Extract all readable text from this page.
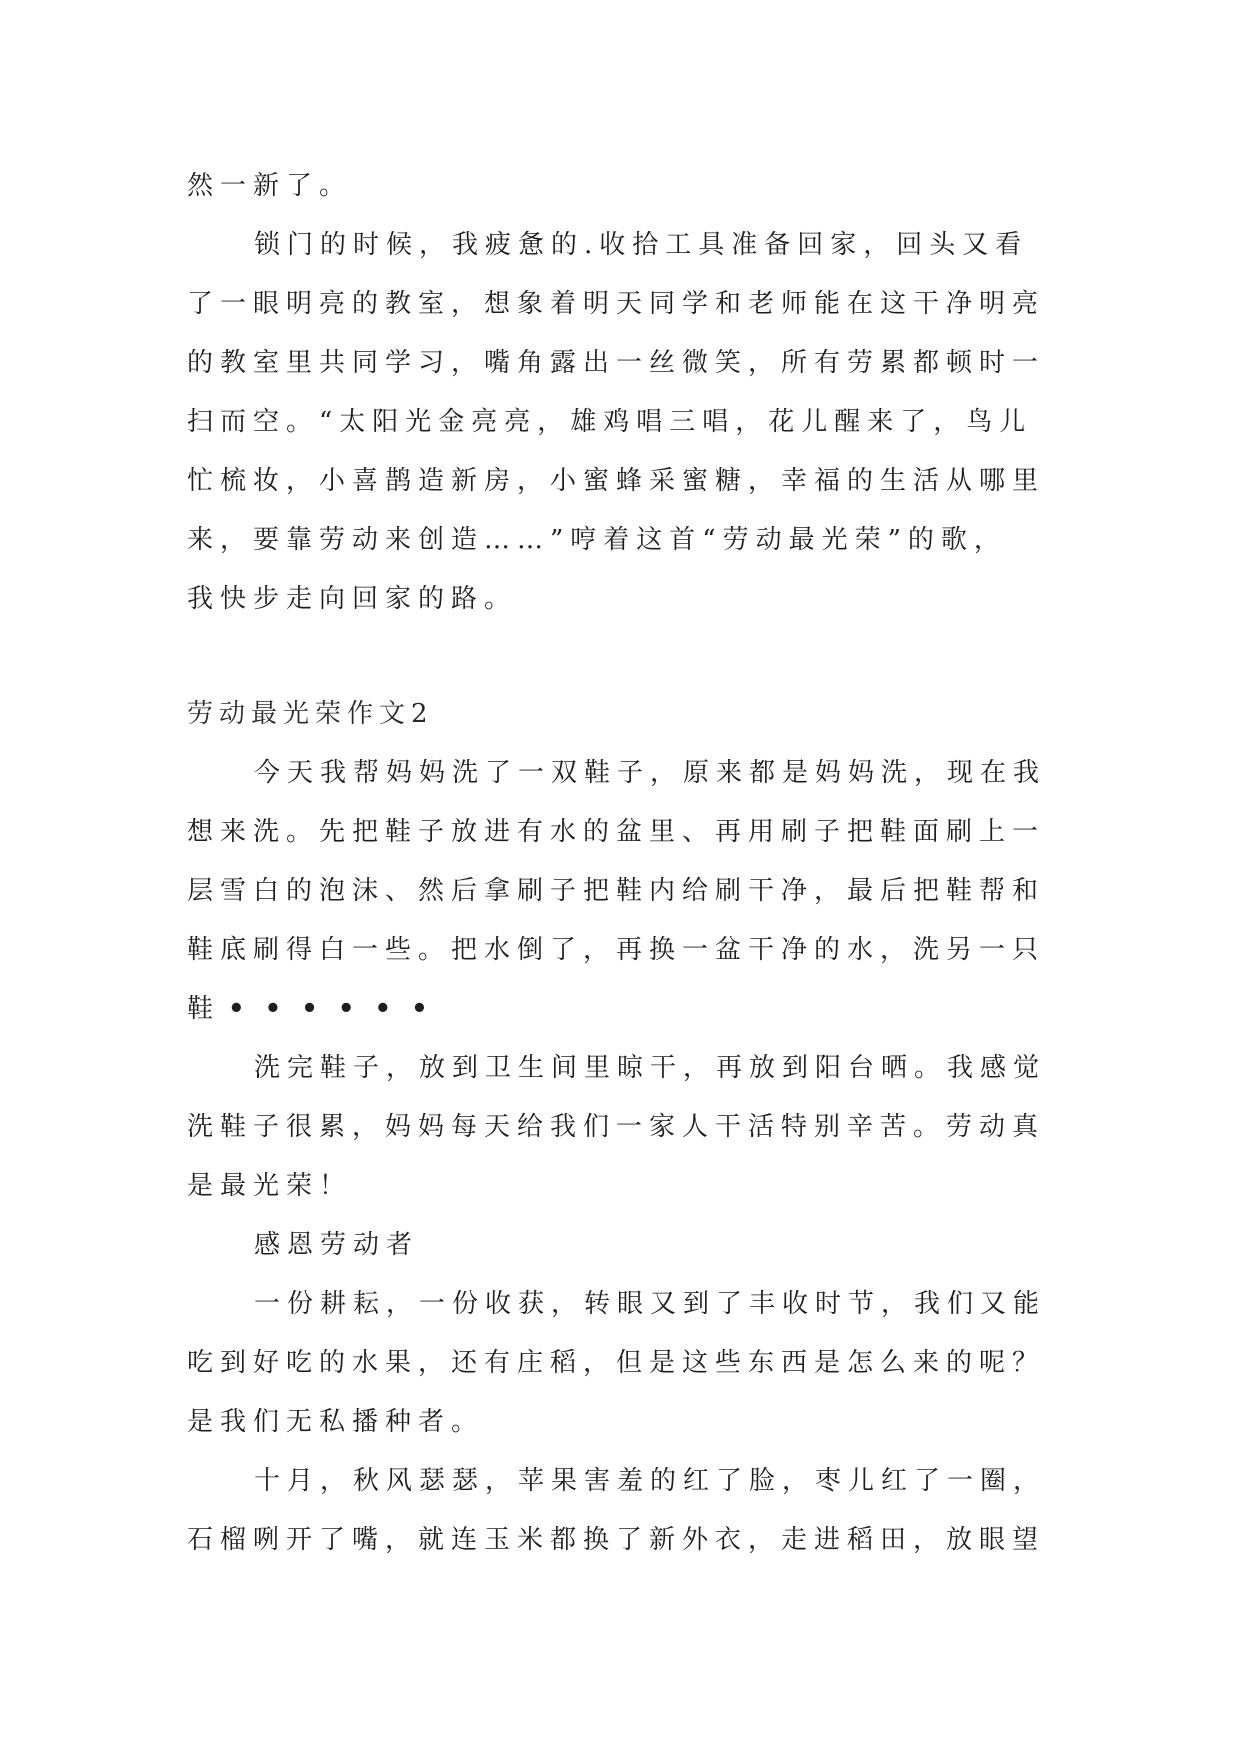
然一新了。
锁门的时候，我疲惫的.收拾工具准备回家，回头又看
了一眼明亮的教室，想象着明天同学和老师能在这干净明亮
的教室里共同学习，嘴角露出一丝微笑，所有劳累都顿时一
扫而空。“太阳光金亮亮，雄鸡唱三唱，花儿醒来了，鸟儿
忙梳妆，小喜鹊造新房，小蜜蜂采蜜糖，幸福的生活从哪里
来，要靠劳动来创造……”哼着这首“劳动最光荣”的歌，
我快步走向回家的路。
劳动最光荣作文2
今天我帮妈妈洗了一双鞋子，原来都是妈妈洗，现在我
想来洗。先把鞋子放进有水的盆里、再用刷子把鞋面刷上一
层雪白的泡沫、然后拿刷子把鞋内给刷干净，最后把鞋帮和
鞋底刷得白一些。把水倒了，再换一盆干净的水，洗另一只
鞋 ••••••
洗完鞋子，放到卫生间里晾干，再放到阳台晒。我感觉
洗鞋子很累，妈妈每天给我们一家人干活特别辛苦。劳动真
是最光荣！
感恩劳动者
一份耕耘，一份收获，转眼又到了丰收时节，我们又能
吃到好吃的水果，还有庄稻，但是这些东西是怎么来的呢？
是我们无私播种者。
十月，秋风瑟瑟，苹果害羞的红了脸，枣儿红了一圈，
石榴咧开了嘴，就连玉米都换了新外衣，走进稻田，放眼望
